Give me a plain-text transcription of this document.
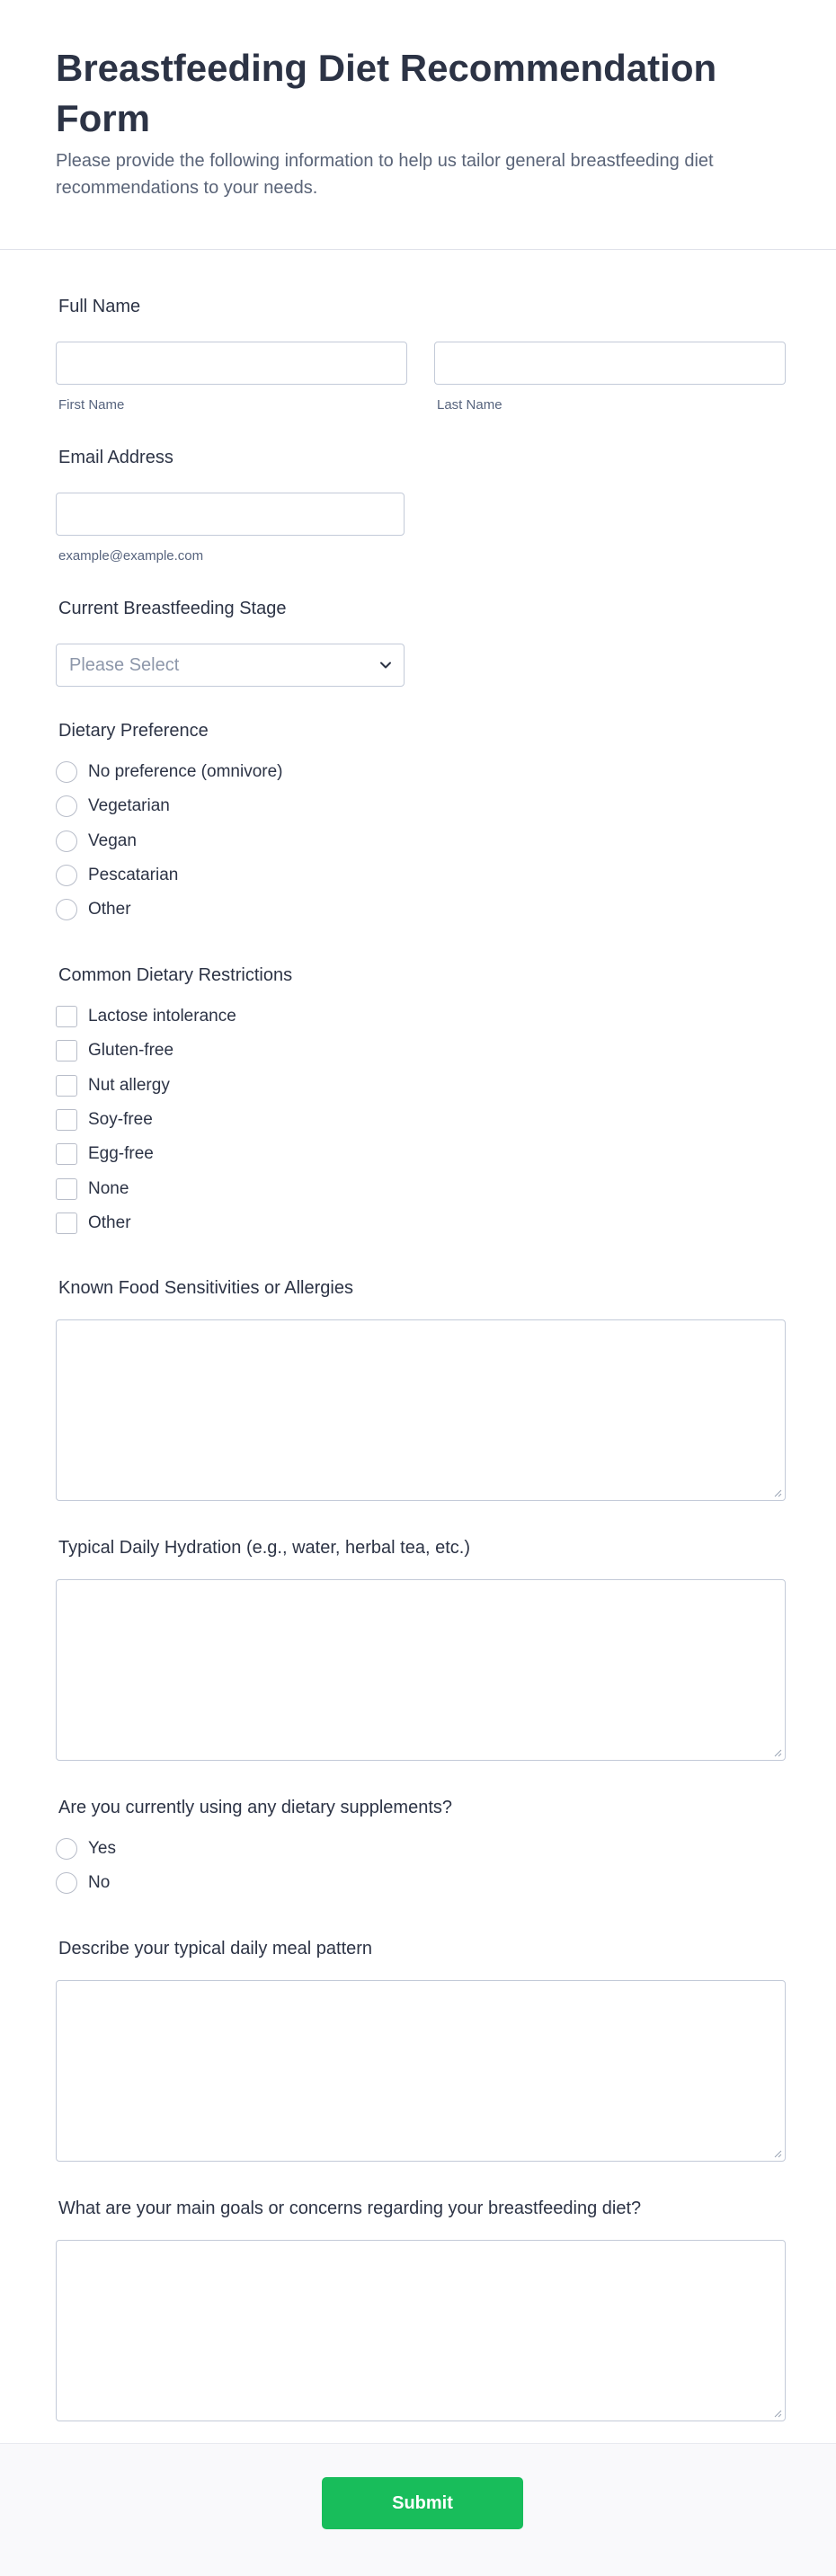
Breastfeeding Diet Recommendation Form

Please provide the following information to help us tailor general breastfeeding diet recommendations to your needs.

Full Name
First Name	Last Name
Email Address
example@example.com
Current Breastfeeding Stage
Please Select
Dietary Preference
No preference (omnivore)
Vegetarian
Vegan
Pescatarian
Other
Common Dietary Restrictions
Lactose intolerance
Gluten-free
Nut allergy
Soy-free
Egg-free
None
Other
Known Food Sensitivities or Allergies
Typical Daily Hydration (e.g., water, herbal tea, etc.)
Are you currently using any dietary supplements?
Yes
No
Describe your typical daily meal pattern
What are your main goals or concerns regarding your breastfeeding diet?
Submit
